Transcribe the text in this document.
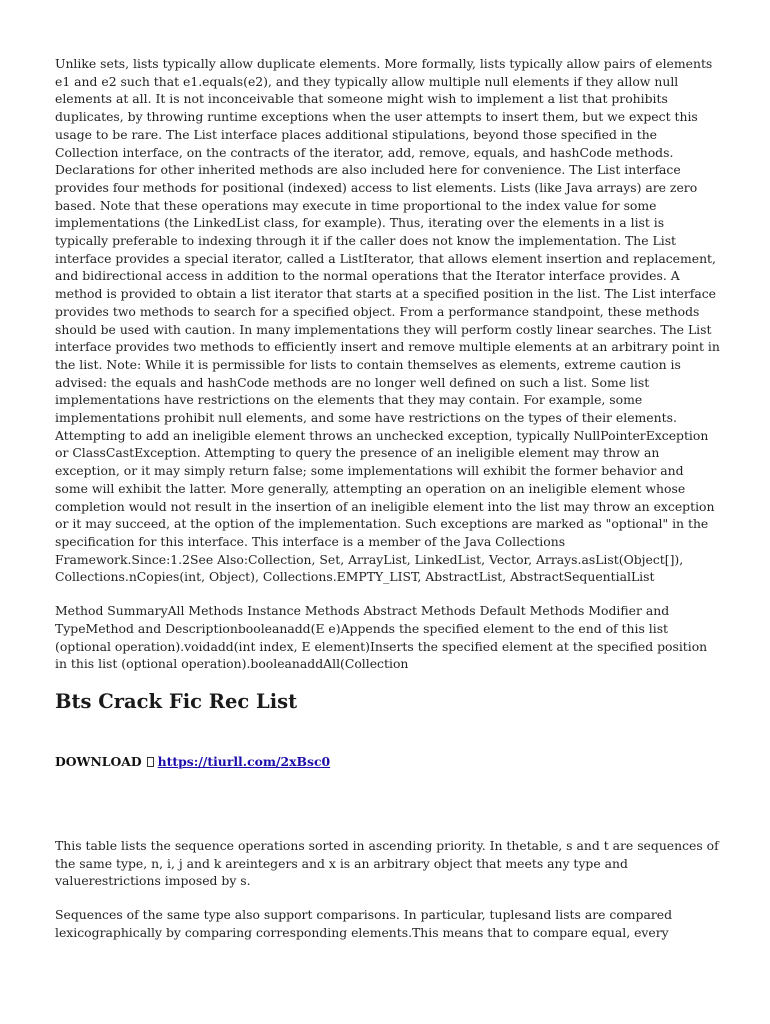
Unlike sets, lists typically allow duplicate elements. More formally, lists typically allow pairs of elements e1 and e2 such that e1.equals(e2), and they typically allow multiple null elements if they allow null elements at all. It is not inconceivable that someone might wish to implement a list that prohibits duplicates, by throwing runtime exceptions when the user attempts to insert them, but we expect this usage to be rare. The List interface places additional stipulations, beyond those specified in the Collection interface, on the contracts of the iterator, add, remove, equals, and hashCode methods. Declarations for other inherited methods are also included here for convenience. The List interface provides four methods for positional (indexed) access to list elements. Lists (like Java arrays) are zero based. Note that these operations may execute in time proportional to the index value for some implementations (the LinkedList class, for example). Thus, iterating over the elements in a list is typically preferable to indexing through it if the caller does not know the implementation. The List interface provides a special iterator, called a ListIterator, that allows element insertion and replacement, and bidirectional access in addition to the normal operations that the Iterator interface provides. A method is provided to obtain a list iterator that starts at a specified position in the list. The List interface provides two methods to search for a specified object. From a performance standpoint, these methods should be used with caution. In many implementations they will perform costly linear searches. The List interface provides two methods to efficiently insert and remove multiple elements at an arbitrary point in the list. Note: While it is permissible for lists to contain themselves as elements, extreme caution is advised: the equals and hashCode methods are no longer well defined on such a list. Some list implementations have restrictions on the elements that they may contain. For example, some implementations prohibit null elements, and some have restrictions on the types of their elements. Attempting to add an ineligible element throws an unchecked exception, typically NullPointerException or ClassCastException. Attempting to query the presence of an ineligible element may throw an exception, or it may simply return false; some implementations will exhibit the former behavior and some will exhibit the latter. More generally, attempting an operation on an ineligible element whose completion would not result in the insertion of an ineligible element into the list may throw an exception or it may succeed, at the option of the implementation. Such exceptions are marked as "optional" in the specification for this interface. This interface is a member of the Java Collections Framework.Since:1.2See Also:Collection, Set, ArrayList, LinkedList, Vector, Arrays.asList(Object[]), Collections.nCopies(int, Object), Collections.EMPTY_LIST, AbstractList, AbstractSequentialList

Method SummaryAll Methods Instance Methods Abstract Methods Default Methods Modifier and TypeMethod and Descriptionbooleanadd(E e)Appends the specified element to the end of this list (optional operation).voidadd(int index, E element)Inserts the specified element at the specified position in this list (optional operation).booleanaddAll(Collection

Bts Crack Fic Rec List
DOWNLOAD https://tiurll.com/2xBsc0

This table lists the sequence operations sorted in ascending priority. In thetable, s and t are sequences of the same type, n, i, j and k areintegers and x is an arbitrary object that meets any type and valuerestrictions imposed by s.

Sequences of the same type also support comparisons. In particular, tuplesand lists are compared lexicographically by comparing corresponding elements.This means that to compare equal, every
